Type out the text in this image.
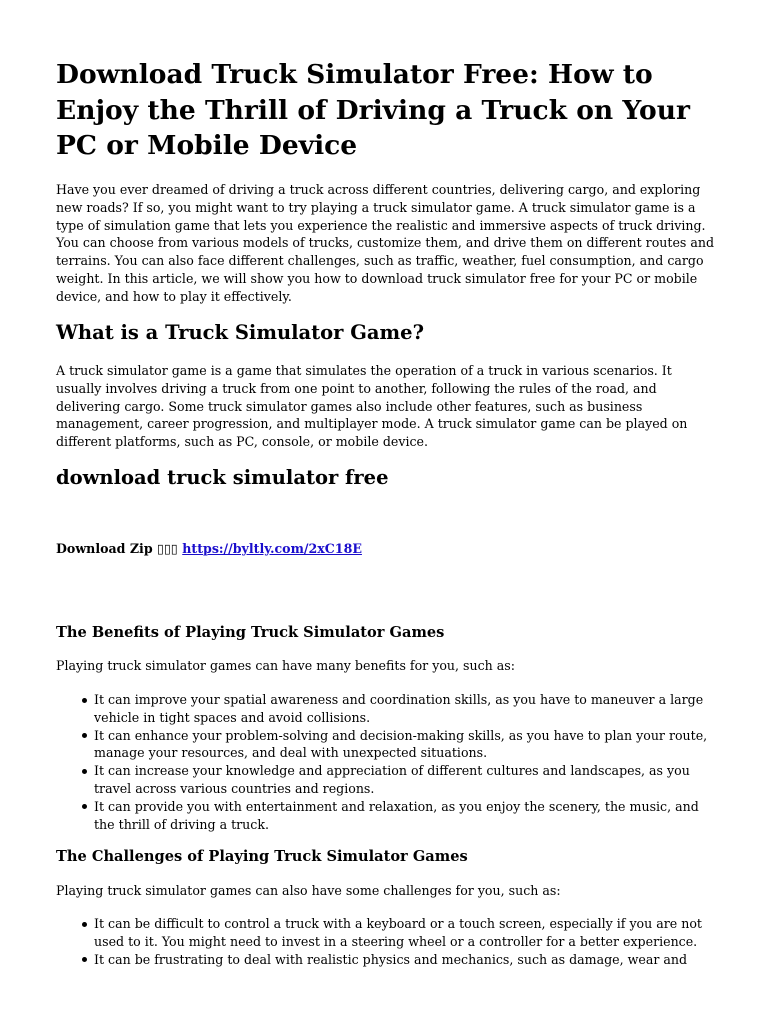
Download Truck Simulator Free: How to Enjoy the Thrill of Driving a Truck on Your PC or Mobile Device

Have you ever dreamed of driving a truck across different countries, delivering cargo, and exploring new roads? If so, you might want to try playing a truck simulator game. A truck simulator game is a type of simulation game that lets you experience the realistic and immersive aspects of truck driving. You can choose from various models of trucks, customize them, and drive them on different routes and terrains. You can also face different challenges, such as traffic, weather, fuel consumption, and cargo weight. In this article, we will show you how to download truck simulator free for your PC or mobile device, and how to play it effectively.

What is a Truck Simulator Game?

A truck simulator game is a game that simulates the operation of a truck in various scenarios. It usually involves driving a truck from one point to another, following the rules of the road, and delivering cargo. Some truck simulator games also include other features, such as business management, career progression, and multiplayer mode. A truck simulator game can be played on different platforms, such as PC, console, or mobile device.

download truck simulator free
Download Zip ▯▯▯ https://byltly.com/2xC18E
The Benefits of Playing Truck Simulator Games

Playing truck simulator games can have many benefits for you, such as:

It can improve your spatial awareness and coordination skills, as you have to maneuver a large vehicle in tight spaces and avoid collisions.
It can enhance your problem-solving and decision-making skills, as you have to plan your route, manage your resources, and deal with unexpected situations.
It can increase your knowledge and appreciation of different cultures and landscapes, as you travel across various countries and regions.
It can provide you with entertainment and relaxation, as you enjoy the scenery, the music, and the thrill of driving a truck.
The Challenges of Playing Truck Simulator Games

Playing truck simulator games can also have some challenges for you, such as:

It can be difficult to control a truck with a keyboard or a touch screen, especially if you are not used to it. You might need to invest in a steering wheel or a controller for a better experience.
It can be frustrating to deal with realistic physics and mechanics, such as damage, wear and
